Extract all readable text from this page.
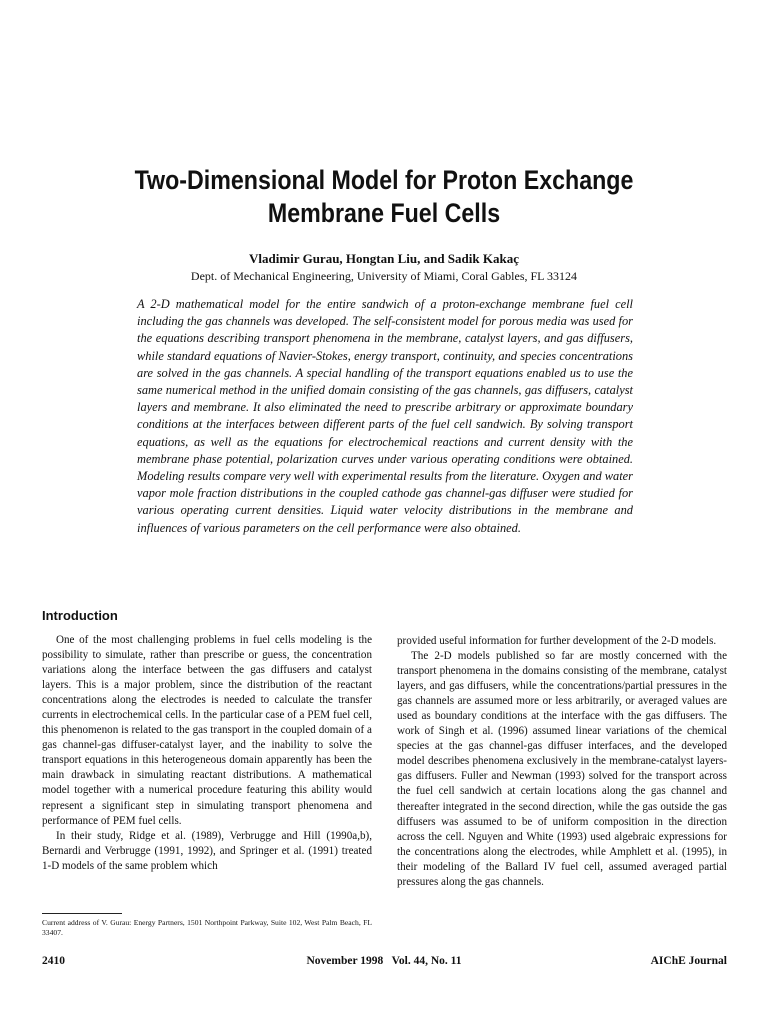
Two-Dimensional Model for Proton Exchange
Membrane Fuel Cells
Vladimir Gurau, Hongtan Liu, and Sadik Kakaç
Dept. of Mechanical Engineering, University of Miami, Coral Gables, FL 33124

A 2-D mathematical model for the entire sandwich of a proton-exchange membrane fuel cell including the gas channels was developed. The self-consistent model for porous media was used for the equations describing transport phenomena in the membrane, catalyst layers, and gas diffusers, while standard equations of Navier-Stokes, energy transport, continuity, and species concentrations are solved in the gas channels. A special handling of the transport equations enabled us to use the same numerical method in the unified domain consisting of the gas channels, gas diffusers, catalyst layers and membrane. It also eliminated the need to prescribe arbitrary or approximate boundary conditions at the interfaces between different parts of the fuel cell sandwich. By solving transport equations, as well as the equations for electrochemical reactions and current density with the membrane phase potential, polarization curves under various operating conditions were obtained. Modeling results compare very well with experimental results from the literature. Oxygen and water vapor mole fraction distributions in the coupled cathode gas channel-gas diffuser were studied for various operating current densities. Liquid water velocity distributions in the membrane and influences of various parameters on the cell performance were also obtained.

Introduction

One of the most challenging problems in fuel cells modeling is the possibility to simulate, rather than prescribe or guess, the concentration variations along the interface between the gas diffusers and catalyst layers. This is a major problem, since the distribution of the reactant concentrations along the electrodes is needed to calculate the transfer currents in electrochemical cells. In the particular case of a PEM fuel cell, this phenomenon is related to the gas transport in the coupled domain of a gas channel-gas diffuser-catalyst layer, and the inability to solve the transport equations in this heterogeneous domain apparently has been the main drawback in simulating reactant distributions. A mathematical model together with a numerical procedure featuring this ability would represent a significant step in simulating transport phenomena and performance of PEM fuel cells.

In their study, Ridge et al. (1989), Verbrugge and Hill (1990a,b), Bernardi and Verbrugge (1991, 1992), and Springer et al. (1991) treated 1-D models of the same problem which

provided useful information for further development of the 2-D models.

The 2-D models published so far are mostly concerned with the transport phenomena in the domains consisting of the membrane, catalyst layers, and gas diffusers, while the concentrations/partial pressures in the gas channels are assumed more or less arbitrarily, or averaged values are used as boundary conditions at the interface with the gas diffusers. The work of Singh et al. (1996) assumed linear variations of the chemical species at the gas channel-gas diffuser interfaces, and the developed model describes phenomena exclusively in the membrane-catalyst layers-gas diffusers. Fuller and Newman (1993) solved for the transport across the fuel cell sandwich at certain locations along the gas channel and thereafter integrated in the second direction, while the gas outside the gas diffusers was assumed to be of uniform composition in the direction across the cell. Nguyen and White (1993) used algebraic expressions for the concentrations along the electrodes, while Amphlett et al. (1995), in their modeling of the Ballard IV fuel cell, assumed averaged partial pressures along the gas channels.

Current address of V. Gurau: Energy Partners, 1501 Northpoint Parkway, Suite 102, West Palm Beach, FL 33407.
2410	November 1998   Vol. 44, No. 11	AIChE Journal
